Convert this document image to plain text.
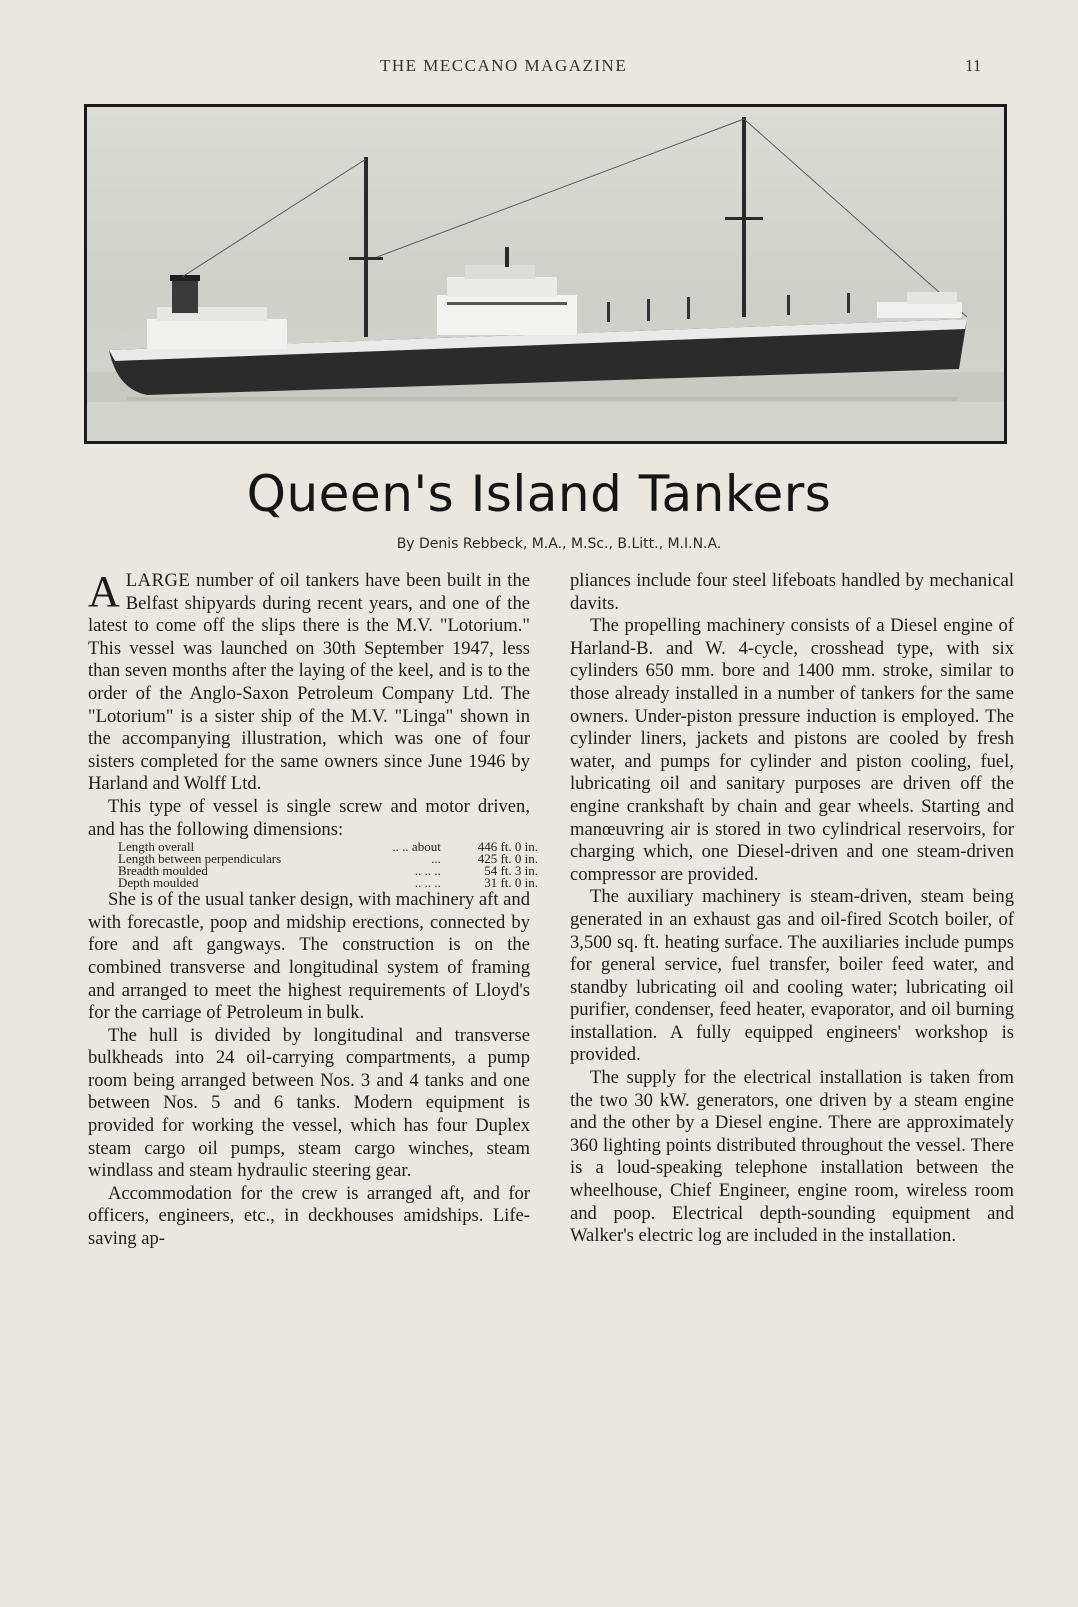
THE MECCANO MAGAZINE	11
Queen's Island Tankers
By Denis Rebbeck, M.A., M.Sc., B.Litt., M.I.N.A.

ALARGE number of oil tankers have been built in the Belfast shipyards during recent years, and one of the latest to come off the slips there is the M.V. "Lotorium." This vessel was launched on 30th September 1947, less than seven months after the laying of the keel, and is to the order of the Anglo-Saxon Petroleum Company Ltd. The "Lotorium" is a sister ship of the M.V. "Linga" shown in the accompanying illustration, which was one of four sisters completed for the same owners since June 1946 by Harland and Wolff Ltd.

This type of vessel is single screw and motor driven, and has the following dimensions:

Length overall	.. .. about	446 ft. 0 in.
Length between perpendiculars	...	425 ft. 0 in.
Breadth moulded	.. .. ..	54 ft. 3 in.
Depth moulded	.. .. ..	31 ft. 0 in.

She is of the usual tanker design, with machinery aft and with forecastle, poop and midship erections, connected by fore and aft gangways. The construction is on the combined transverse and longitudinal system of framing and arranged to meet the highest requirements of Lloyd's for the carriage of Petroleum in bulk.

The hull is divided by longitudinal and transverse bulkheads into 24 oil-carrying compartments, a pump room being arranged between Nos. 3 and 4 tanks and one between Nos. 5 and 6 tanks. Modern equipment is provided for working the vessel, which has four Duplex steam cargo oil pumps, steam cargo winches, steam windlass and steam hydraulic steering gear.

Accommodation for the crew is arranged aft, and for officers, engineers, etc., in deckhouses amidships. Life-saving ap-

pliances include four steel lifeboats handled by mechanical davits.

The propelling machinery consists of a Diesel engine of Harland-B. and W. 4-cycle, crosshead type, with six cylinders 650 mm. bore and 1400 mm. stroke, similar to those already installed in a number of tankers for the same owners. Under-piston pressure induction is employed. The cylinder liners, jackets and pistons are cooled by fresh water, and pumps for cylinder and piston cooling, fuel, lubricating oil and sanitary purposes are driven off the engine crankshaft by chain and gear wheels. Starting and manœuvring air is stored in two cylindrical reservoirs, for charging which, one Diesel-driven and one steam-driven compressor are provided.

The auxiliary machinery is steam-driven, steam being generated in an exhaust gas and oil-fired Scotch boiler, of 3,500 sq. ft. heating surface. The auxiliaries include pumps for general service, fuel transfer, boiler feed water, and standby lubricating oil and cooling water; lubricating oil purifier, condenser, feed heater, evaporator, and oil burning installation. A fully equipped engineers' workshop is provided.

The supply for the electrical installation is taken from the two 30 kW. generators, one driven by a steam engine and the other by a Diesel engine. There are approximately 360 lighting points distributed throughout the vessel. There is a loud-speaking telephone installation between the wheelhouse, Chief Engineer, engine room, wireless room and poop. Electrical depth-sounding equipment and Walker's electric log are included in the installation.
